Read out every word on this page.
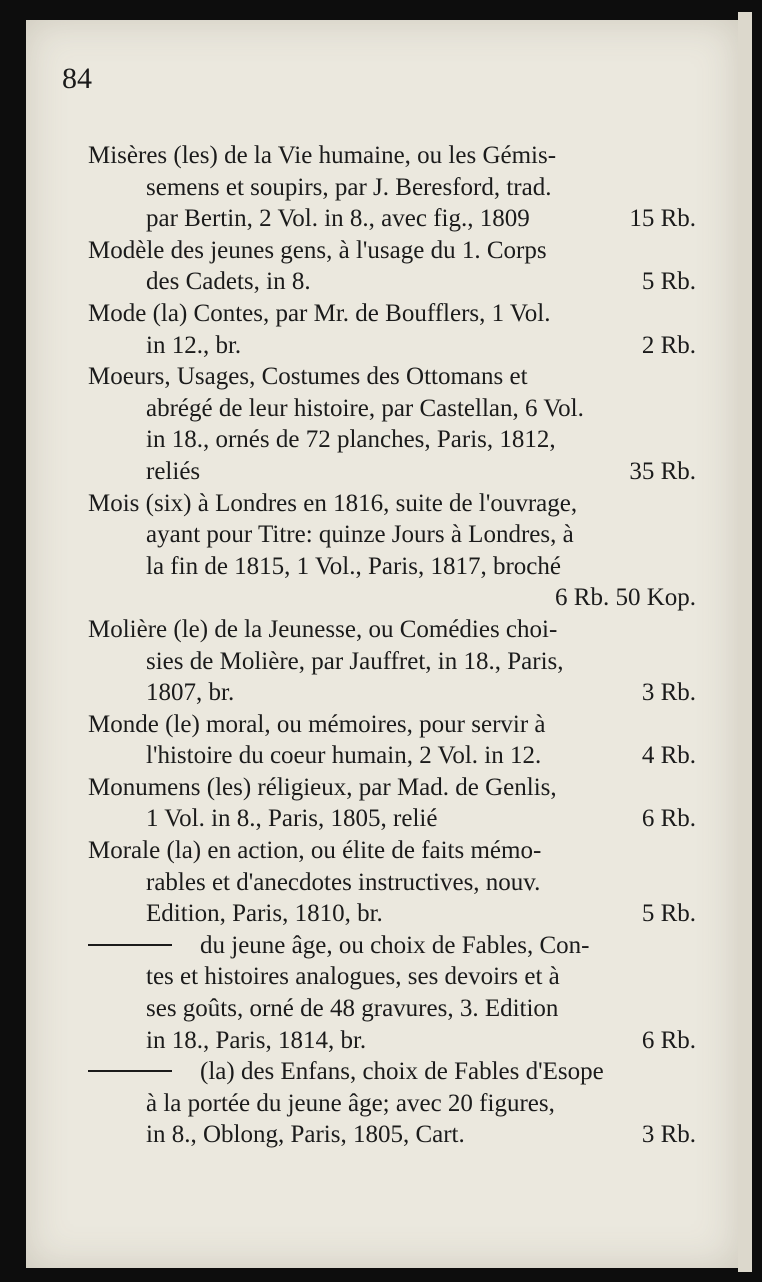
84
Misères (les) de la Vie humaine, ou les Gémis-
semens et soupirs, par J. Beresford, trad.
par Bertin, 2 Vol. in 8., avec fig., 1809	15 Rb.
Modèle des jeunes gens, à l'usage du 1. Corps
des Cadets, in 8.	5 Rb.
Mode (la) Contes, par Mr. de Boufflers, 1 Vol.
in 12., br.	2 Rb.
Moeurs, Usages, Costumes des Ottomans et
abrégé de leur histoire, par Castellan, 6 Vol.
in 18., ornés de 72 planches, Paris, 1812,
reliés	35 Rb.
Mois (six) à Londres en 1816, suite de l'ouvrage,
ayant pour Titre: quinze Jours à Londres, à
la fin de 1815, 1 Vol., Paris, 1817, broché
6 Rb. 50 Kop.
Molière (le) de la Jeunesse, ou Comédies choi-
sies de Molière, par Jauffret, in 18., Paris,
1807, br.	3 Rb.
Monde (le) moral, ou mémoires, pour servir à
l'histoire du coeur humain, 2 Vol. in 12.	4 Rb.
Monumens (les) réligieux, par Mad. de Genlis,
1 Vol. in 8., Paris, 1805, relié	6 Rb.
Morale (la) en action, ou élite de faits mémo-
rables et d'anecdotes instructives, nouv.
Edition, Paris, 1810, br.	5 Rb.
du jeune âge, ou choix de Fables, Con-
tes et histoires analogues, ses devoirs et à
ses goûts, orné de 48 gravures, 3. Edition
in 18., Paris, 1814, br.	6 Rb.
(la) des Enfans, choix de Fables d'Esope
à la portée du jeune âge; avec 20 figures,
in 8., Oblong, Paris, 1805, Cart.	3 Rb.
